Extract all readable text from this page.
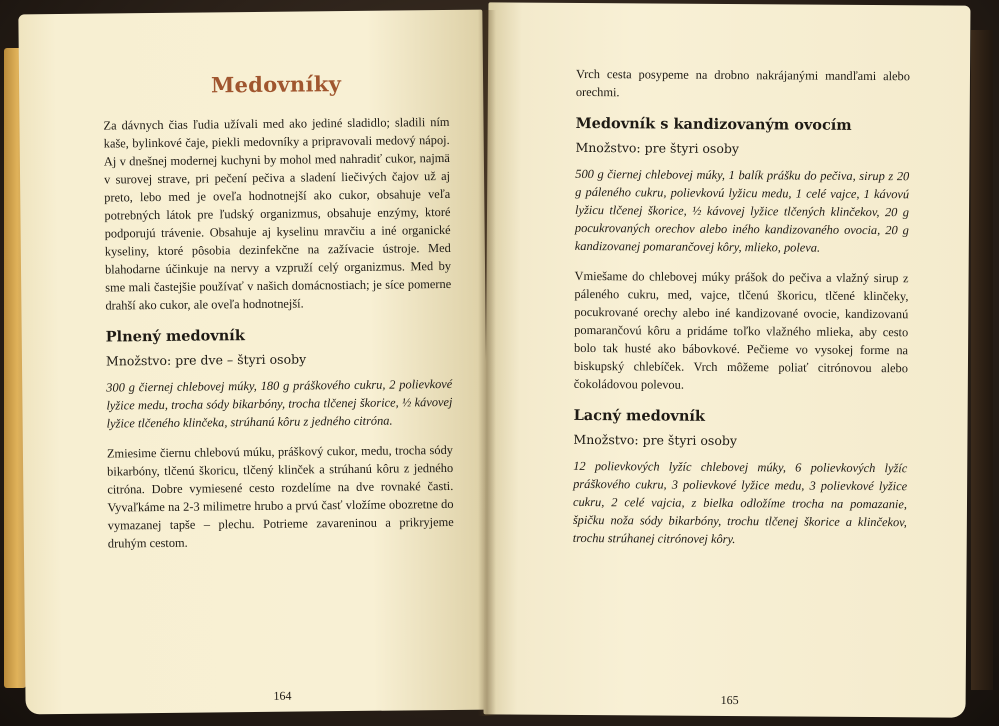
Medovníky

Za dávnych čias ľudia užívali med ako jediné sladidlo; sladili ním kaše, bylinkové čaje, piekli medovníky a pripravovali medový nápoj. Aj v dnešnej modernej kuchyni by mohol med nahradiť cukor, najmä v surovej strave, pri pečení pečiva a sladení liečivých čajov už aj preto, lebo med je oveľa hodnotnejší ako cukor, obsahuje veľa potrebných látok pre ľudský organizmus, obsahuje enzýmy, ktoré podporujú trávenie. Obsahuje aj kyselinu mravčiu a iné organické kyseliny, ktoré pôsobia dezinfekčne na zažívacie ústroje. Med blahodarne účinkuje na nervy a vzpruží celý organizmus. Med by sme mali častejšie používať v našich domácnostiach; je síce pomerne drahší ako cukor, ale oveľa hodnotnejší.

Plnený medovník
Množstvo: pre dve – štyri osoby

300 g čiernej chlebovej múky, 180 g práškového cukru, 2 polievkové lyžice medu, trocha sódy bikarbóny, trocha tlčenej škorice, ½ kávovej lyžice tlčeného klinčeka, strúhanú kôru z jedného citróna.

Zmiesime čiernu chlebovú múku, práškový cukor, medu, trocha sódy bikarbóny, tlčenú škoricu, tlčený klinček a strúhanú kôru z jedného citróna. Dobre vymiesené cesto rozdelíme na dve rovnaké časti. Vyvaľkáme na 2-3 milimetre hrubo a prvú časť vložíme obozretne do vymazanej tapše – plechu. Potrieme zavareninou a prikryjeme druhým cestom.

164

Vrch cesta posypeme na drobno nakrájanými mandľami alebo orechmi.

Medovník s kandizovaným ovocím
Množstvo: pre štyri osoby

500 g čiernej chlebovej múky, 1 balík prášku do pečiva, sirup z 20 g páleného cukru, polievkovú lyžicu medu, 1 celé vajce, 1 kávovú lyžicu tlčenej škorice, ½ kávovej lyžice tlčených klinčekov, 20 g pocukrovaných orechov alebo iného kandizovaného ovocia, 20 g kandizovanej pomarančovej kôry, mlieko, poleva.

Vmiešame do chlebovej múky prášok do pečiva a vlažný sirup z páleného cukru, med, vajce, tlčenú škoricu, tlčené klinčeky, pocukrované orechy alebo iné kandizované ovocie, kandizovanú pomarančovú kôru a pridáme toľko vlažného mlieka, aby cesto bolo tak husté ako bábovkové. Pečieme vo vysokej forme na biskupský chlebíček. Vrch môžeme poliať citrónovou alebo čokoládovou polevou.

Lacný medovník
Množstvo: pre štyri osoby

12 polievkových lyžíc chlebovej múky, 6 polievkových lyžíc práškového cukru, 3 polievkové lyžice medu, 3 polievkové lyžice cukru, 2 celé vajcia, z bielka odložíme trocha na pomazanie, špičku noža sódy bikarbóny, trochu tlčenej škorice a klinčekov, trochu strúhanej citrónovej kôry.

165
